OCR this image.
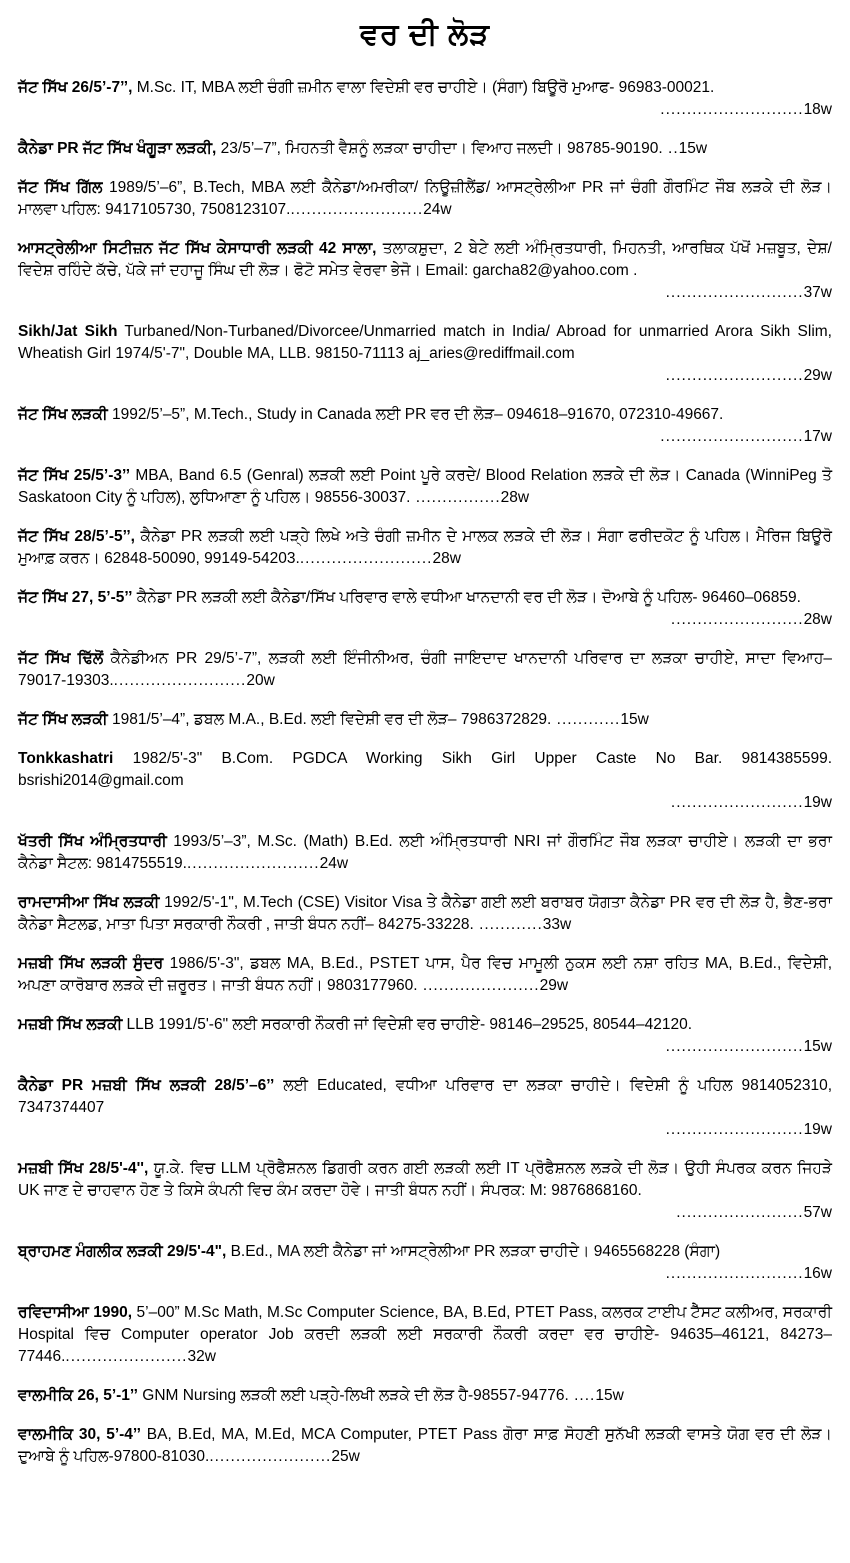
ਵਰ ਦੀ ਲੋੜ
ਜੱਟ ਸਿੱਖ 26/5’-7’’, M.Sc. IT, MBA ਲਈ ਚੰਗੀ ਜ਼ਮੀਨ ਵਾਲਾ ਵਿਦੇਸ਼ੀ ਵਰ ਚਾਹੀਏ। (ਸੰਗਾ) ਬਿਊਰੋ ਮੁਆਫ- 96983-00021.
...........................18w
ਕੈਨੇਡਾ PR ਜੱਟ ਸਿੱਖ ਖੰਗੂੜਾ ਲੜਕੀ, 23/5’–7”, ਮਿਹਨਤੀ ਵੈਸ਼ਨੂੰ ਲੜਕਾ ਚਾਹੀਦਾ। ਵਿਆਹ ਜਲਦੀ। 98785-90190. ..15w
ਜੱਟ ਸਿੱਖ ਗਿੱਲ 1989/5’–6”, B.Tech, MBA ਲਈ ਕੈਨੇਡਾ/ਅਮਰੀਕਾ/ ਨਿਊਜ਼ੀਲੈਂਡ/ ਆਸਟ੍ਰੇਲੀਆ PR ਜਾਂ ਚੰਗੀ ਗੌਰਮਿੰਟ ਜੌਬ ਲੜਕੇ ਦੀ ਲੋੜ। ਮਾਲਵਾ ਪਹਿਲ: 9417105730, 7508123107..........................24w
ਆਸਟ੍ਰੇਲੀਆ ਸਿਟੀਜ਼ਨ ਜੱਟ ਸਿੱਖ ਕੇਸਾਧਾਰੀ ਲੜਕੀ 42 ਸਾਲਾ, ਤਲਾਕਸ਼ੁਦਾ, 2 ਬੇਟੇ ਲਈ ਅੰਮ੍ਰਿਤਧਾਰੀ, ਮਿਹਨਤੀ, ਆਰਥਿਕ ਪੱਖੋਂ ਮਜ਼ਬੂਤ, ਦੇਸ਼/ਵਿਦੇਸ਼ ਰਹਿੰਦੇ ਕੱਚੇ, ਪੱਕੇ ਜਾਂ ਦਹਾਜੂ ਸਿੰਘ ਦੀ ਲੋੜ। ਫੋਟੋ ਸਮੇਤ ਵੇਰਵਾ ਭੇਜੋ। Email: garcha82@yahoo.com .
..........................37w
Sikh/Jat Sikh Turbaned/Non-Turbaned/Divorcee/Unmarried match in India/ Abroad for unmarried Arora Sikh Slim, Wheatish Girl 1974/5'-7", Double MA, LLB. 98150-71113 aj_aries@rediffmail.com
..........................29w
ਜੱਟ ਸਿੱਖ ਲੜਕੀ 1992/5’–5”, M.Tech., Study in Canada ਲਈ PR ਵਰ ਦੀ ਲੋੜ– 094618–91670, 072310-49667.
...........................17w
ਜੱਟ ਸਿੱਖ 25/5’-3’’ MBA, Band 6.5 (Genral) ਲੜਕੀ ਲਈ Point ਪੂਰੇ ਕਰਦੇ/ Blood Relation ਲੜਕੇ ਦੀ ਲੋੜ। Canada (WinniPeg ਤੋ Saskatoon City ਨੂੰ ਪਹਿਲ), ਲੁਧਿਆਣਾ ਨੂੰ ਪਹਿਲ। 98556-30037. ................28w
ਜੱਟ ਸਿੱਖ 28/5’-5’’, ਕੈਨੇਡਾ PR ਲੜਕੀ ਲਈ ਪੜ੍ਹੇ ਲਿਖੇ ਅਤੇ ਚੰਗੀ ਜ਼ਮੀਨ ਦੇ ਮਾਲਕ ਲੜਕੇ ਦੀ ਲੋੜ। ਸੰਗਾ ਫਰੀਦਕੋਟ ਨੂੰ ਪਹਿਲ। ਮੈਰਿਜ ਬਿਊਰੋ ਮੁਆਫ਼ ਕਰਨ। 62848-50090, 99149-54203..........................28w
ਜੱਟ ਸਿੱਖ 27, 5’-5’’ ਕੈਨੇਡਾ PR ਲੜਕੀ ਲਈ ਕੈਨੇਡਾ/ਸਿੱਖ ਪਰਿਵਾਰ ਵਾਲੇ ਵਧੀਆ ਖਾਨਦਾਨੀ ਵਰ ਦੀ ਲੋੜ। ਦੋਆਬੇ ਨੂੰ ਪਹਿਲ- 96460–06859.
.........................28w
ਜੱਟ ਸਿੱਖ ਢਿੱਲੋਂ ਕੈਨੇਡੀਅਨ PR 29/5’-7”, ਲੜਕੀ ਲਈ ਇੰਜੀਨੀਅਰ, ਚੰਗੀ ਜਾਇਦਾਦ ਖਾਨਦਾਨੀ ਪਰਿਵਾਰ ਦਾ ਲੜਕਾ ਚਾਹੀਏ, ਸਾਦਾ ਵਿਆਹ– 79017-19303..........................20w
ਜੱਟ ਸਿੱਖ ਲੜਕੀ 1981/5’–4”, ਡਬਲ M.A., B.Ed. ਲਈ ਵਿਦੇਸ਼ੀ ਵਰ ਦੀ ਲੋੜ– 7986372829. ............15w
Tonkkashatri 1982/5'-3" B.Com. PGDCA Working Sikh Girl Upper Caste No Bar. 9814385599. bsrishi2014@gmail.com
.........................19w
ਖੱਤਰੀ ਸਿੱਖ ਅੰਮ੍ਰਿਤਧਾਰੀ 1993/5’–3”, M.Sc. (Math) B.Ed. ਲਈ ਅੰਮ੍ਰਿਤਧਾਰੀ NRI ਜਾਂ ਗੌਰਮਿੰਟ ਜੌਬ ਲੜਕਾ ਚਾਹੀਏ। ਲੜਕੀ ਦਾ ਭਰਾ ਕੈਨੇਡਾ ਸੈਟਲ: 9814755519..........................24w
ਰਾਮਦਾਸੀਆ ਸਿੱਖ ਲੜਕੀ 1992/5'-1", M.Tech (CSE) Visitor Visa ਤੇ ਕੈਨੇਡਾ ਗਈ ਲਈ ਬਰਾਬਰ ਯੋਗਤਾ ਕੈਨੇਡਾ PR ਵਰ ਦੀ ਲੋੜ ਹੈ, ਭੈਣ-ਭਰਾ ਕੈਨੇਡਾ ਸੈਟਲਡ, ਮਾਤਾ ਪਿਤਾ ਸਰਕਾਰੀ ਨੌਕਰੀ , ਜਾਤੀ ਬੰਧਨ ਨਹੀਂ– 84275-33228. ............33w
ਮਜ਼ਬੀ ਸਿੱਖ ਲੜਕੀ ਸੁੰਦਰ 1986/5'-3", ਡਬਲ MA, B.Ed., PSTET ਪਾਸ, ਪੈਰ ਵਿਚ ਮਾਮੂਲੀ ਨੁਕਸ ਲਈ ਨਸ਼ਾ ਰਹਿਤ MA, B.Ed., ਵਿਦੇਸ਼ੀ, ਅਪਣਾ ਕਾਰੋਬਾਰ ਲੜਕੇ ਦੀ ਜ਼ਰੂਰਤ। ਜਾਤੀ ਬੰਧਨ ਨਹੀਂ। 9803177960. ......................29w
ਮਜ਼ਬੀ ਸਿੱਖ ਲੜਕੀ LLB 1991/5'-6" ਲਈ ਸਰਕਾਰੀ ਨੌਕਰੀ ਜਾਂ ਵਿਦੇਸ਼ੀ ਵਰ ਚਾਹੀਏ- 98146–29525, 80544–42120.
..........................15w
ਕੈਨੇਡਾ PR ਮਜ਼ਬੀ ਸਿੱਖ ਲੜਕੀ 28/5’–6’’ ਲਈ Educated, ਵਧੀਆ ਪਰਿਵਾਰ ਦਾ ਲੜਕਾ ਚਾਹੀਦੇ। ਵਿਦੇਸ਼ੀ ਨੂੰ ਪਹਿਲ 9814052310, 7347374407
..........................19w
ਮਜ਼ਬੀ ਸਿੱਖ 28/5'-4'', ਯੂ.ਕੇ. ਵਿਚ LLM ਪ੍ਰੋਫੈਸ਼ਨਲ ਡਿਗਰੀ ਕਰਨ ਗਈ ਲੜਕੀ ਲਈ IT ਪ੍ਰੋਫੈਸ਼ਨਲ ਲੜਕੇ ਦੀ ਲੋੜ। ਉਹੀ ਸੰਪਰਕ ਕਰਨ ਜਿਹੜੇ UK ਜਾਣ ਦੇ ਚਾਹਵਾਨ ਹੋਣ ਤੇ ਕਿਸੇ ਕੰਪਨੀ ਵਿਚ ਕੰਮ ਕਰਦਾ ਹੋਵੇ। ਜਾਤੀ ਬੰਧਨ ਨਹੀਂ। ਸੰਪਰਕ: M: 9876868160.
........................57w
ਬ੍ਰਾਹਮਣ ਮੰਗਲੀਕ ਲੜਕੀ 29/5'-4", B.Ed., MA ਲਈ ਕੈਨੇਡਾ ਜਾਂ ਆਸਟ੍ਰੇਲੀਆ PR ਲੜਕਾ ਚਾਹੀਦੇ। 9465568228 (ਸੰਗਾ)
..........................16w
ਰਵਿਦਾਸੀਆ 1990, 5’–00” M.Sc Math, M.Sc Computer Science, BA, B.Ed, PTET Pass, ਕਲਰਕ ਟਾਈਪ ਟੈੱਸਟ ਕਲੀਅਰ, ਸਰਕਾਰੀ Hospital ਵਿਚ Computer operator Job ਕਰਦੀ ਲੜਕੀ ਲਈ ਸਰਕਾਰੀ ਨੌਕਰੀ ਕਰਦਾ ਵਰ ਚਾਹੀਏ- 94635–46121, 84273–77446........................32w
ਵਾਲਮੀਕਿ 26, 5’-1’’ GNM Nursing ਲੜਕੀ ਲਈ ਪੜ੍ਹੇ-ਲਿਖੀ ਲੜਕੇ ਦੀ ਲੋੜ ਹੈ-98557-94776. ....15w
ਵਾਲਮੀਕਿ 30, 5’-4’’ BA, B.Ed, MA, M.Ed, MCA Computer, PTET Pass ਗੋਰਾ ਸਾਫ਼ ਸੋਹਣੀ ਸੁਨੱਖੀ ਲੜਕੀ ਵਾਸਤੇ ਯੋਗ ਵਰ ਦੀ ਲੋੜ। ਦੁਆਬੇ ਨੂੰ ਪਹਿਲ-97800-81030........................25w
